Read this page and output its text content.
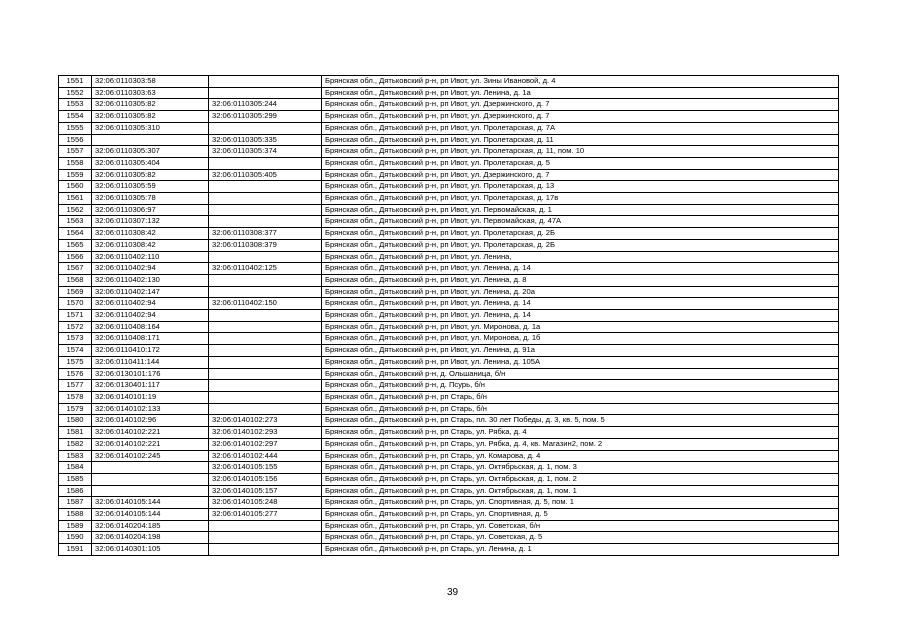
1551	32:06:0110303:58		Брянская обл., Дятьковский р-н, рп Ивот, ул. Зины Ивановой, д. 4
1552	32:06:0110303:63		Брянская обл., Дятьковский р-н, рп Ивот, ул. Ленина, д. 1а
1553	32:06:0110305:82	32:06:0110305:244	Брянская обл., Дятьковский р-н, рп Ивот, ул. Дзержинского, д. 7
1554	32:06:0110305:82	32:06:0110305:299	Брянская обл., Дятьковский р-н, рп Ивот, ул. Дзержинского, д. 7
1555	32:06:0110305:310		Брянская обл., Дятьковский р-н, рп Ивот, ул. Пролетарская, д. 7А
1556		32:06:0110305:335	Брянская обл., Дятьковский р-н, рп Ивот, ул. Пролетарская, д. 11
1557	32:06:0110305:307	32:06:0110305:374	Брянская обл., Дятьковский р-н, рп Ивот, ул. Пролетарская, д. 11, пом. 10
1558	32:06:0110305:404		Брянская обл., Дятьковский р-н, рп Ивот, ул. Пролетарская, д. 5
1559	32:06:0110305:82	32:06:0110305:405	Брянская обл., Дятьковский р-н, рп Ивот, ул. Дзержинского, д. 7
1560	32:06:0110305:59		Брянская обл., Дятьковский р-н, рп Ивот, ул. Пролетарская, д. 13
1561	32:06:0110305:78		Брянская обл., Дятьковский р-н, рп Ивот, ул. Пролетарская, д. 17в
1562	32:06:0110306:97		Брянская обл., Дятьковский р-н, рп Ивот, ул. Первомайская, д. 1
1563	32:06:0110307:132		Брянская обл., Дятьковский р-н, рп Ивот, ул. Первомайская, д. 47А
1564	32:06:0110308:42	32:06:0110308:377	Брянская обл., Дятьковский р-н, рп Ивот, ул. Пролетарская, д. 2Б
1565	32:06:0110308:42	32:06:0110308:379	Брянская обл., Дятьковский р-н, рп Ивот, ул. Пролетарская, д. 2Б
1566	32:06:0110402:110		Брянская обл., Дятьковский р-н, рп Ивот, ул. Ленина,
1567	32:06:0110402:94	32:06:0110402:125	Брянская обл., Дятьковский р-н, рп Ивот, ул. Ленина, д. 14
1568	32:06:0110402:130		Брянская обл., Дятьковский р-н, рп Ивот, ул. Ленина, д. 8
1569	32:06:0110402:147		Брянская обл., Дятьковский р-н, рп Ивот, ул. Ленина, д. 20а
1570	32:06:0110402:94	32:06:0110402:150	Брянская обл., Дятьковский р-н, рп Ивот, ул. Ленина, д. 14
1571	32:06:0110402:94		Брянская обл., Дятьковский р-н, рп Ивот, ул. Ленина, д. 14
1572	32:06:0110408:164		Брянская обл., Дятьковский р-н, рп Ивот, ул. Миронова, д. 1а
1573	32:06:0110408:171		Брянская обл., Дятьковский р-н, рп Ивот, ул. Миронова, д. 1б
1574	32:06:0110410:172		Брянская обл., Дятьковский р-н, рп Ивот, ул. Ленина, д. 91а
1575	32:06:0110411:144		Брянская обл., Дятьковский р-н, рп Ивот, ул. Ленина, д. 105А
1576	32:06:0130101:176		Брянская обл., Дятьковский р-н, д. Ольшаница, б/н
1577	32:06:0130401:117		Брянская обл., Дятьковский р-н, д. Псурь, б/н
1578	32:06:0140101:19		Брянская обл., Дятьковский р-н, рп Старь, б/н
1579	32:06:0140102:133		Брянская обл., Дятьковский р-н, рп Старь, б/н
1580	32:06:0140102:96	32:06:0140102:273	Брянская обл., Дятьковский р-н, рп Старь, пл. 30 лет Победы, д. 3, кв. 5, пом. 5
1581	32:06:0140102:221	32:06:0140102:293	Брянская обл., Дятьковский р-н, рп Старь, ул. Рябка, д. 4
1582	32:06:0140102:221	32:06:0140102:297	Брянская обл., Дятьковский р-н, рп Старь, ул. Рябка, д. 4, кв. Магазин2, пом. 2
1583	32:06:0140102:245	32:06:0140102:444	Брянская обл., Дятьковский р-н, рп Старь, ул. Комарова, д. 4
1584		32:06:0140105:155	Брянская обл., Дятьковский р-н, рп Старь, ул. Октябрьская, д. 1, пом. 3
1585		32:06:0140105:156	Брянская обл., Дятьковский р-н, рп Старь, ул. Октябрьская, д. 1, пом. 2
1586		32:06:0140105:157	Брянская обл., Дятьковский р-н, рп Старь, ул. Октябрьская, д. 1, пом. 1
1587	32:06:0140105:144	32:06:0140105:248	Брянская обл., Дятьковский р-н, рп Старь, ул. Спортивная, д. 5, пом. 1
1588	32:06:0140105:144	32:06:0140105:277	Брянская обл., Дятьковский р-н, рп Старь, ул. Спортивная, д. 5
1589	32:06:0140204:185		Брянская обл., Дятьковский р-н, рп Старь, ул. Советская, б/н
1590	32:06:0140204:198		Брянская обл., Дятьковский р-н, рп Старь, ул. Советская, д. 5
1591	32:06:0140301:105		Брянская обл., Дятьковский р-н, рп Старь, ул. Ленина, д. 1
39
